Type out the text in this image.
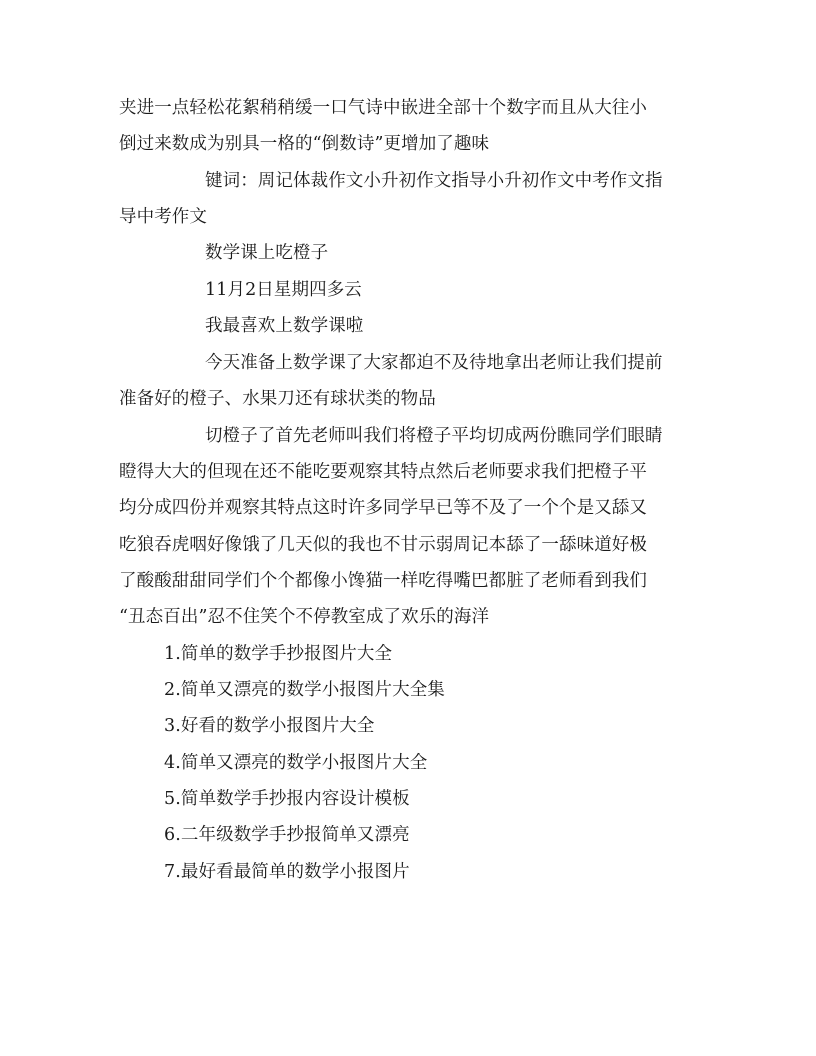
夹进一点轻松花絮稍稍缓一口气诗中嵌进全部十个数字而且从大往小
倒过来数成为别具一格的“倒数诗”更增加了趣味
键词：周记体裁作文小升初作文指导小升初作文中考作文指
导中考作文
数学课上吃橙子
11月2日星期四多云
我最喜欢上数学课啦
今天准备上数学课了大家都迫不及待地拿出老师让我们提前
准备好的橙子、水果刀还有球状类的物品
切橙子了首先老师叫我们将橙子平均切成两份瞧同学们眼睛
瞪得大大的但现在还不能吃要观察其特点然后老师要求我们把橙子平
均分成四份并观察其特点这时许多同学早已等不及了一个个是又舔又
吃狼吞虎咽好像饿了几天似的我也不甘示弱周记本舔了一舔味道好极
了酸酸甜甜同学们个个都像小馋猫一样吃得嘴巴都脏了老师看到我们
“丑态百出”忍不住笑个不停教室成了欢乐的海洋
1.简单的数学手抄报图片大全
2.简单又漂亮的数学小报图片大全集
3.好看的数学小报图片大全
4.简单又漂亮的数学小报图片大全
5.简单数学手抄报内容设计模板
6.二年级数学手抄报简单又漂亮
7.最好看最简单的数学小报图片
